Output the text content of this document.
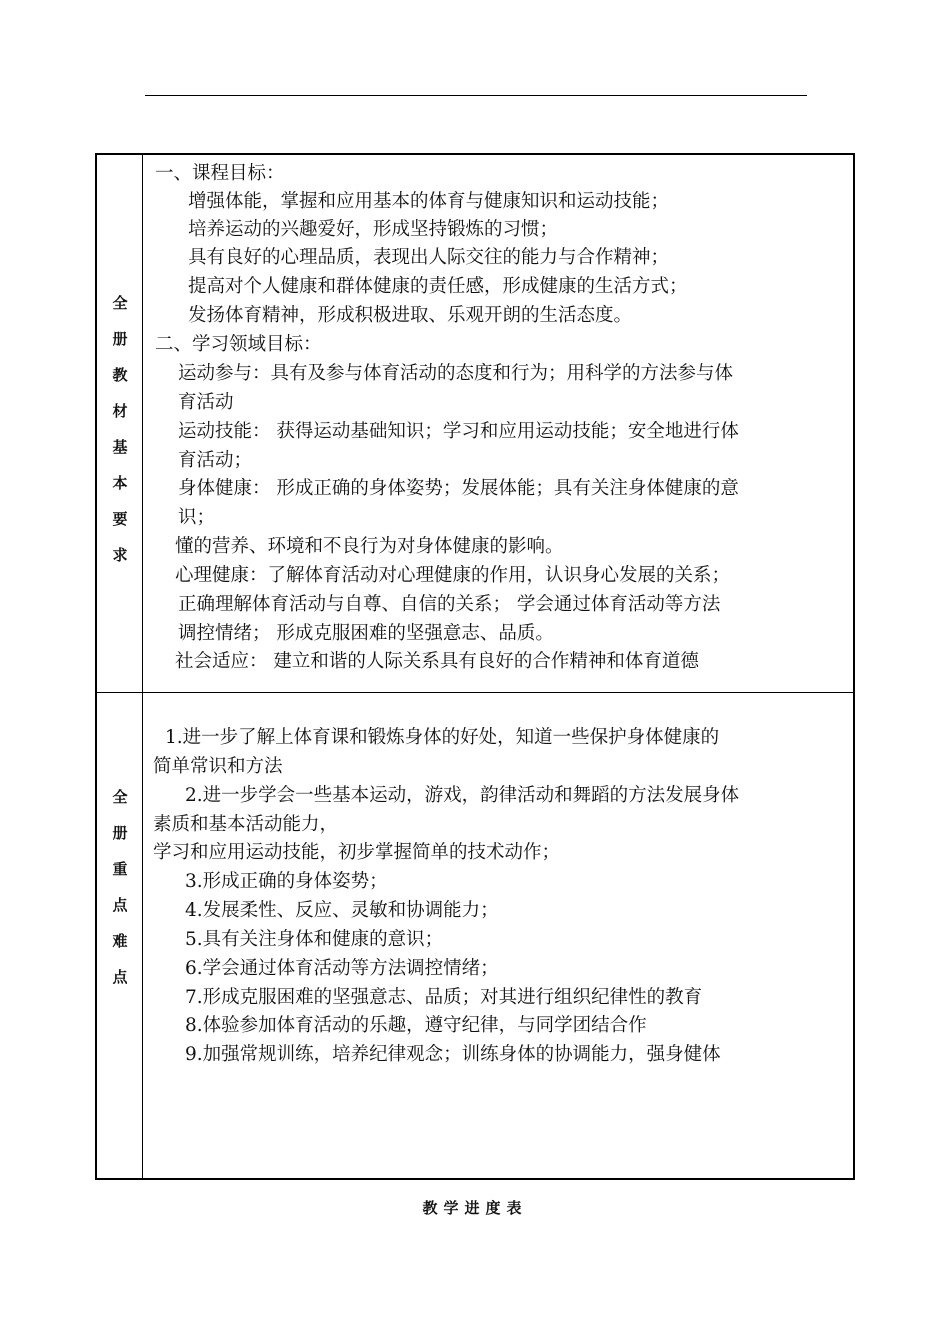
全
册
教
材
基
本
要
求
一、课程目标：
增强体能，掌握和应用基本的体育与健康知识和运动技能；
培养运动的兴趣爱好，形成坚持锻炼的习惯；
具有良好的心理品质，表现出人际交往的能力与合作精神；
提高对个人健康和群体健康的责任感，形成健康的生活方式；
发扬体育精神，形成积极进取、乐观开朗的生活态度。
二、学习领域目标：
运动参与：具有及参与体育活动的态度和行为；用科学的方法参与体
育活动
运动技能： 获得运动基础知识；学习和应用运动技能；安全地进行体
育活动；
身体健康： 形成正确的身体姿势；发展体能；具有关注身体健康的意
识；
懂的营养、环境和不良行为对身体健康的影响。
心理健康：了解体育活动对心理健康的作用，认识身心发展的关系；
正确理解体育活动与自尊、自信的关系； 学会通过体育活动等方法
调控情绪； 形成克服困难的坚强意志、品质。
社会适应： 建立和谐的人际关系具有良好的合作精神和体育道德
全
册
重
点
难
点
1.进一步了解上体育课和锻炼身体的好处，知道一些保护身体健康的
简单常识和方法
2.进一步学会一些基本运动，游戏，韵律活动和舞蹈的方法发展身体
素质和基本活动能力，
学习和应用运动技能，初步掌握简单的技术动作；
3.形成正确的身体姿势；
4.发展柔性、反应、灵敏和协调能力；
5.具有关注身体和健康的意识；
6.学会通过体育活动等方法调控情绪；
7.形成克服困难的坚强意志、品质；对其进行组织纪律性的教育
8.体验参加体育活动的乐趣，遵守纪律，与同学团结合作
9.加强常规训练，培养纪律观念；训练身体的协调能力，强身健体
教学进度表
